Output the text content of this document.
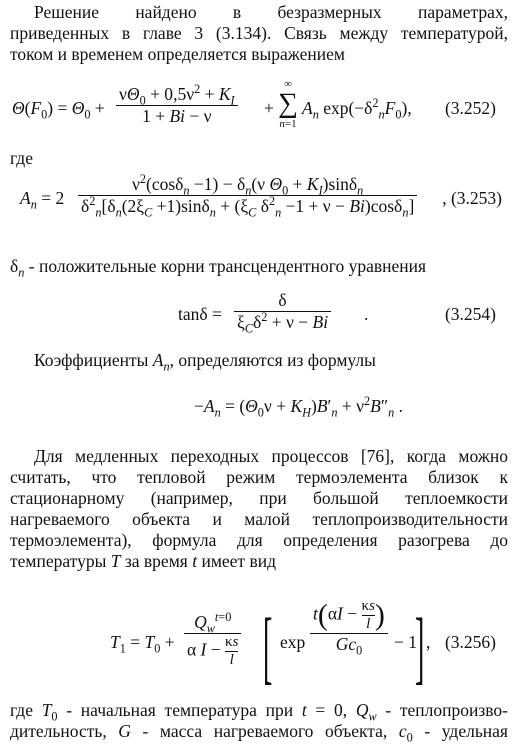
Решение найдено в безразмерных параметрах,
приведенных в главе 3 (3.134). Связь между температурой,
током и временем определяется выражением
$\Theta(F_0) = \Theta_0 + \frac{\nu\Theta_0 + 0,5\nu^2 + K_I}{1 + Bi - \nu}$ +
∞
∑
n=1
$A_n$ $\exp(-\delta^2_nF_0)$, (3.252)
где
$A_n = 2 \frac{\nu^2(\cos\delta_n -1) - \delta_n(\nu \Theta_0 + K_I)\sin\delta_n}{\delta^2_n[\delta_n(2\xi_C +1)\sin\delta_n + (\xi_C \delta^2_n -1 + \nu - Bi)\cos\delta_n]}$ , (3.253)
$\delta_n$ - положительные корни трансцендентного уравнения
tanδ =
δ
$\xi_C\delta^2 + \nu - Bi$ .	(3.254)
Коэффициенты $A_n$, определяются из формулы
$-A_n = (\Theta_0\nu + K_H)B'_n + \nu^2B''_n$ .
Для медленных переходных процессов [76], когда можно
считать, что тепловой режим термоэлемента близок к
стационарному (например, при большой теплоемкости
нагреваемого объекта и малой теплопроизводительности
термоэлемента), формула для определения разогрева до
температуры T за время t имеет вид
$T_1 = T_0$ +
$Q_w^{t=0}$
α $I - \frac{\kappa s}{l}$ [ exp
$t(\alpha I - \frac{\kappa s}{l}$ )
$Gc_0$	− 1
] , (3.256)
где $T_0$ - начальная температура при t = 0, $Q_w$ - теплопроизво-
дительность, G - масса нагреваемого объекта, $c_0$ - удельная
